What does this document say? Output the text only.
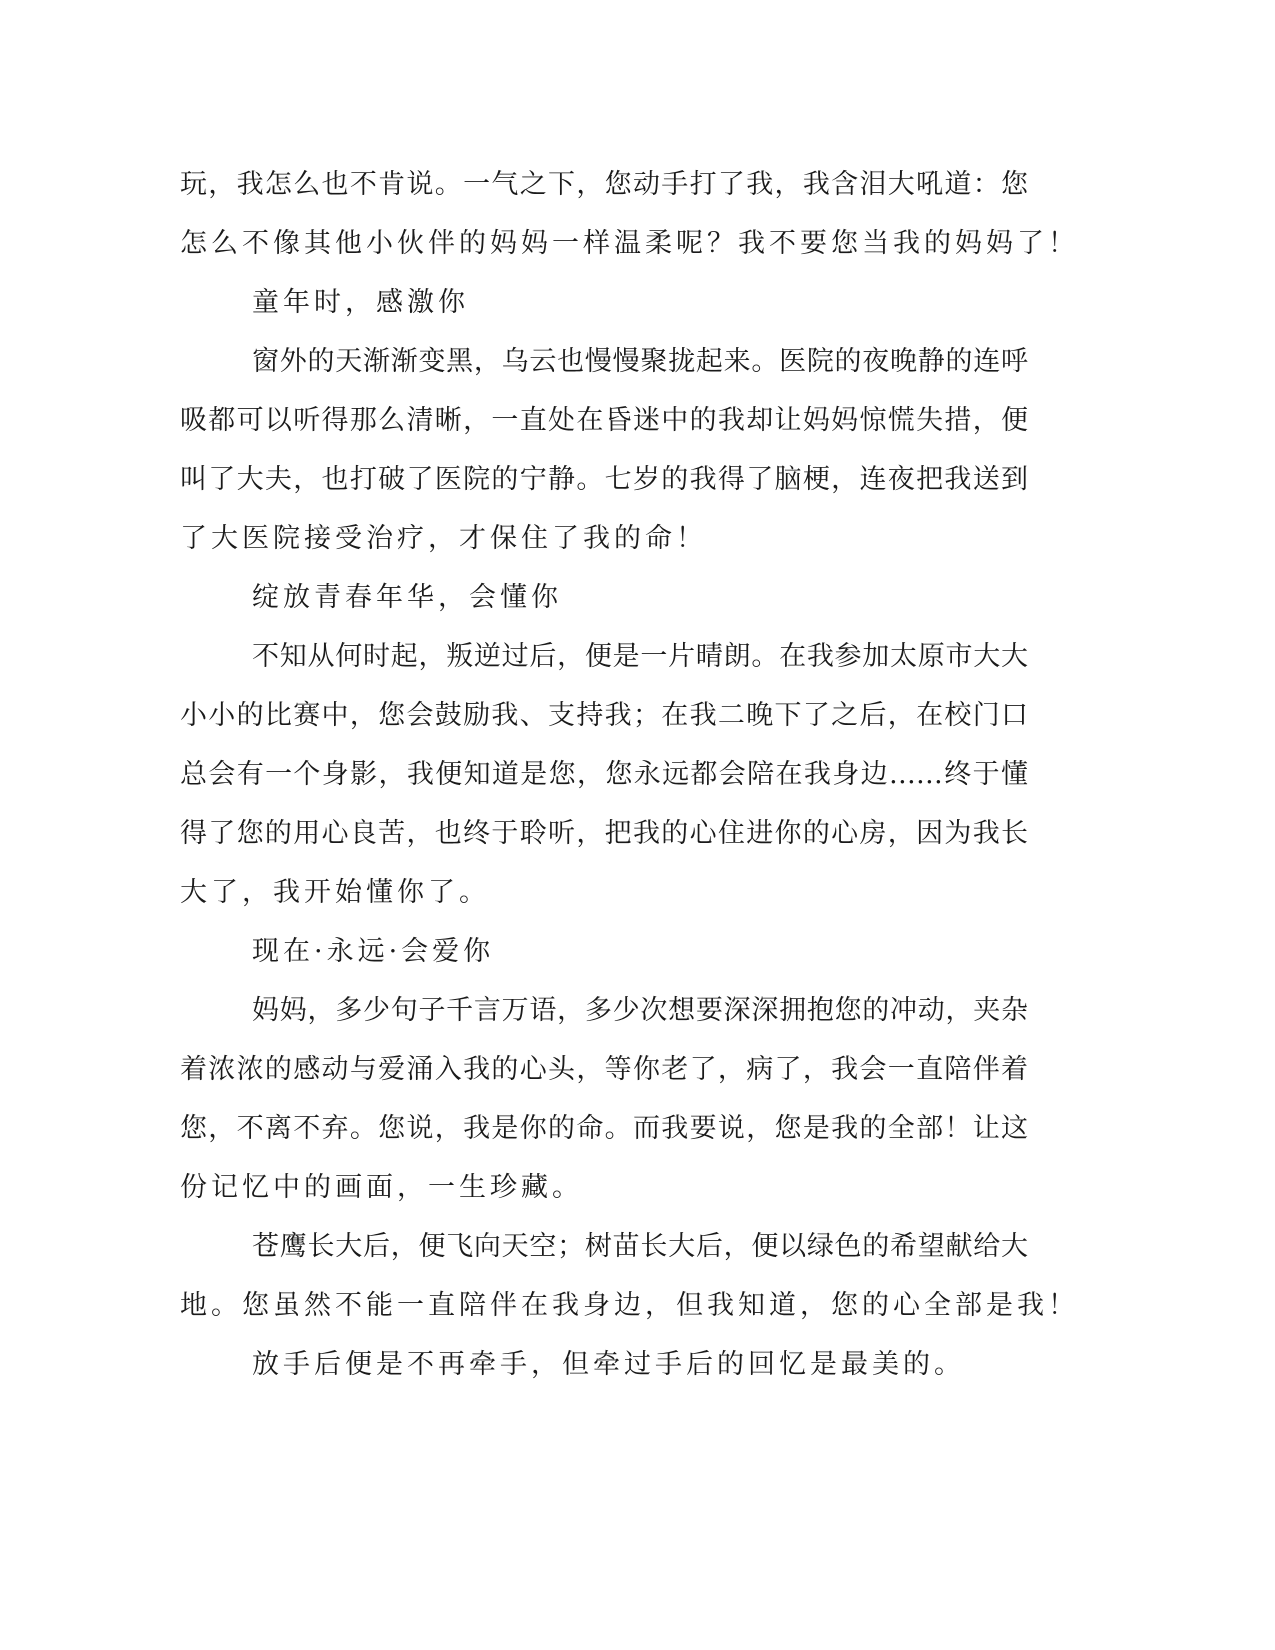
玩，我怎么也不肯说。一气之下，您动手打了我，我含泪大吼道：您
怎么不像其他小伙伴的妈妈一样温柔呢？我不要您当我的妈妈了！
童年时，感激你
窗外的天渐渐变黑，乌云也慢慢聚拢起来。医院的夜晚静的连呼
吸都可以听得那么清晰，一直处在昏迷中的我却让妈妈惊慌失措，便
叫了大夫，也打破了医院的宁静。七岁的我得了脑梗，连夜把我送到
了大医院接受治疗，才保住了我的命！
绽放青春年华，会懂你
不知从何时起，叛逆过后，便是一片晴朗。在我参加太原市大大
小小的比赛中，您会鼓励我、支持我；在我二晚下了之后，在校门口
总会有一个身影，我便知道是您，您永远都会陪在我身边……终于懂
得了您的用心良苦，也终于聆听，把我的心住进你的心房，因为我长
大了，我开始懂你了。
现在·永远·会爱你
妈妈，多少句子千言万语，多少次想要深深拥抱您的冲动，夹杂
着浓浓的感动与爱涌入我的心头，等你老了，病了，我会一直陪伴着
您，不离不弃。您说，我是你的命。而我要说，您是我的全部！让这
份记忆中的画面，一生珍藏。
苍鹰长大后，便飞向天空；树苗长大后，便以绿色的希望献给大
地。您虽然不能一直陪伴在我身边，但我知道，您的心全部是我！
放手后便是不再牵手，但牵过手后的回忆是最美的。
